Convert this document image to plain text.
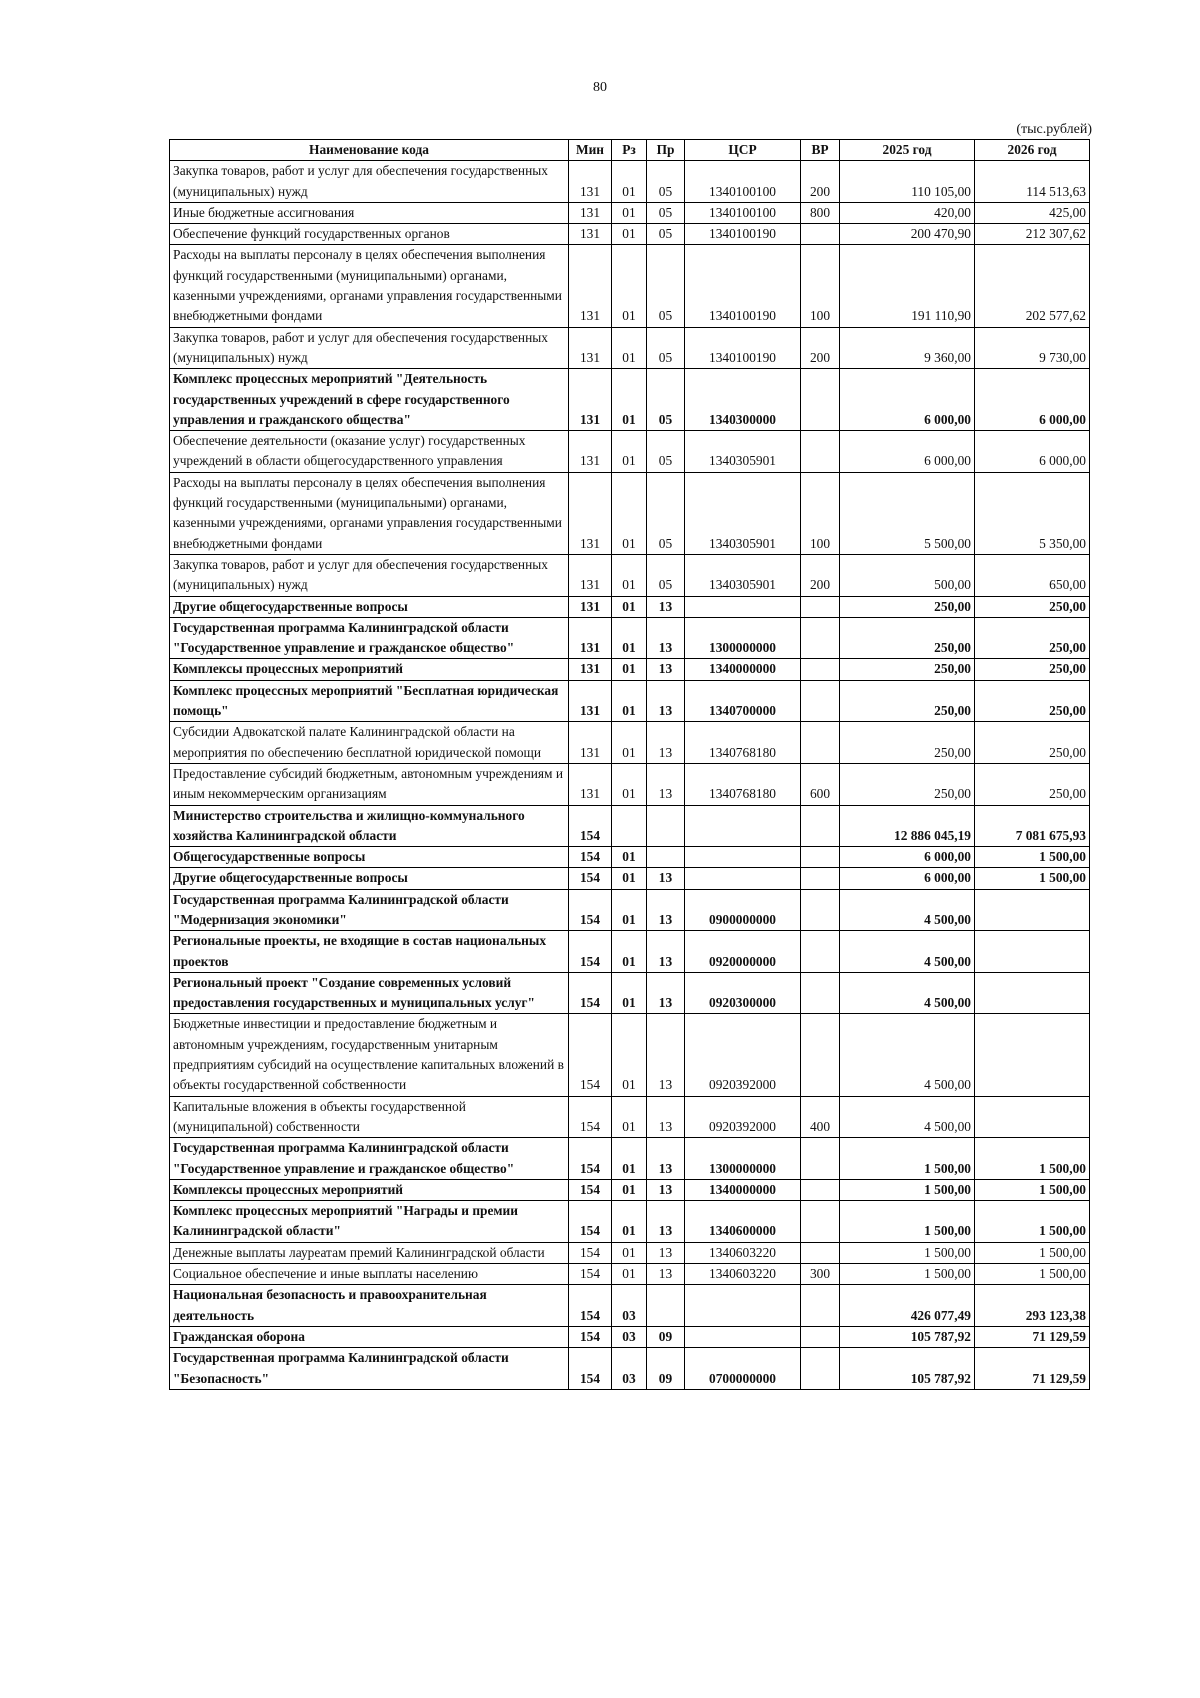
80
(тыс.рублей)
Наименование кода	Мин	Рз	Пр	ЦСР	ВР	2025 год	2026 год
Закупка товаров, работ и услуг для обеспечения государственных (муниципальных) нужд	131	01	05	1340100100	200	110 105,00	114 513,63
Иные бюджетные ассигнования	131	01	05	1340100100	800	420,00	425,00
Обеспечение функций государственных органов	131	01	05	1340100190		200 470,90	212 307,62
Расходы на выплаты персоналу в целях обеспечения выполнения функций государственными (муниципальными) органами, казенными учреждениями, органами управления государственными внебюджетными фондами	131	01	05	1340100190	100	191 110,90	202 577,62
Закупка товаров, работ и услуг для обеспечения государственных (муниципальных) нужд	131	01	05	1340100190	200	9 360,00	9 730,00
Комплекс процессных мероприятий "Деятельность государственных учреждений в сфере государственного управления и гражданского общества"	131	01	05	1340300000		6 000,00	6 000,00
Обеспечение деятельности (оказание услуг) государственных учреждений в области общегосударственного управления	131	01	05	1340305901		6 000,00	6 000,00
Расходы на выплаты персоналу в целях обеспечения выполнения функций государственными (муниципальными) органами, казенными учреждениями, органами управления государственными внебюджетными фондами	131	01	05	1340305901	100	5 500,00	5 350,00
Закупка товаров, работ и услуг для обеспечения государственных (муниципальных) нужд	131	01	05	1340305901	200	500,00	650,00
Другие общегосударственные вопросы	131	01	13			250,00	250,00
Государственная программа Калининградской области "Государственное управление и гражданское общество"	131	01	13	1300000000		250,00	250,00
Комплексы процессных мероприятий	131	01	13	1340000000		250,00	250,00
Комплекс процессных мероприятий "Бесплатная юридическая помощь"	131	01	13	1340700000		250,00	250,00
Субсидии Адвокатской палате Калининградской области на мероприятия по обеспечению бесплатной юридической помощи	131	01	13	1340768180		250,00	250,00
Предоставление субсидий бюджетным, автономным учреждениям и иным некоммерческим организациям	131	01	13	1340768180	600	250,00	250,00
Министерство строительства и жилищно-коммунального хозяйства Калининградской области	154					12 886 045,19	7 081 675,93
Общегосударственные вопросы	154	01				6 000,00	1 500,00
Другие общегосударственные вопросы	154	01	13			6 000,00	1 500,00
Государственная программа Калининградской области "Модернизация экономики"	154	01	13	0900000000		4 500,00	
Региональные проекты, не входящие в состав национальных проектов	154	01	13	0920000000		4 500,00	
Региональный проект "Создание современных условий предоставления государственных и муниципальных услуг"	154	01	13	0920300000		4 500,00	
Бюджетные инвестиции и предоставление бюджетным и автономным учреждениям, государственным унитарным предприятиям субсидий на осуществление капитальных вложений в объекты государственной собственности	154	01	13	0920392000		4 500,00	
Капитальные вложения в объекты государственной (муниципальной) собственности	154	01	13	0920392000	400	4 500,00	
Государственная программа Калининградской области "Государственное управление и гражданское общество"	154	01	13	1300000000		1 500,00	1 500,00
Комплексы процессных мероприятий	154	01	13	1340000000		1 500,00	1 500,00
Комплекс процессных мероприятий "Награды и премии Калининградской области"	154	01	13	1340600000		1 500,00	1 500,00
Денежные выплаты лауреатам премий Калининградской области	154	01	13	1340603220		1 500,00	1 500,00
Социальное обеспечение и иные выплаты населению	154	01	13	1340603220	300	1 500,00	1 500,00
Национальная безопасность и правоохранительная деятельность	154	03				426 077,49	293 123,38
Гражданская оборона	154	03	09			105 787,92	71 129,59
Государственная программа Калининградской области "Безопасность"	154	03	09	0700000000		105 787,92	71 129,59
